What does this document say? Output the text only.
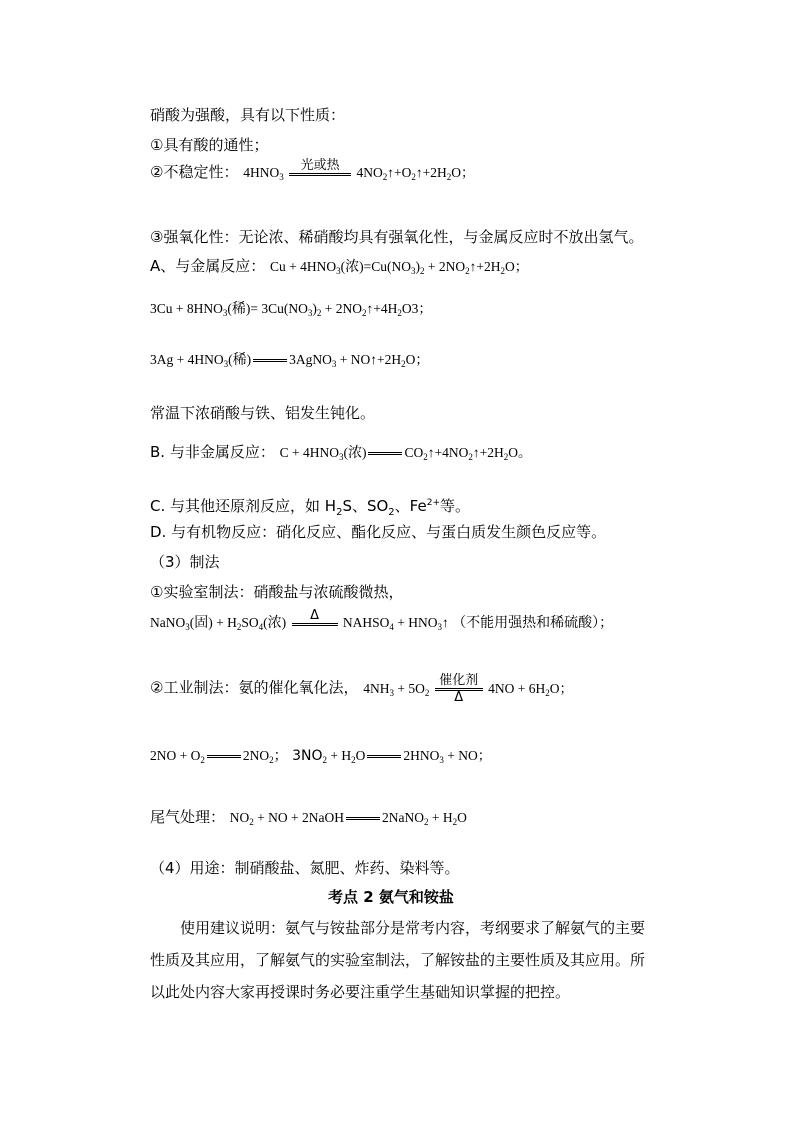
硝酸为强酸，具有以下性质：
①具有酸的通性；
②不稳定性： $4HNO_3$
光或热	$4NO_2↑+O_2↑+2H_2O$；
③强氧化性：无论浓、稀硝酸均具有强氧化性，与金属反应时不放出氢气。
A、与金属反应： $Cu + 4HNO_3$(浓)$=Cu(NO_3)_2$ + $2NO_2↑+2H_2O$；
$3Cu + 8HNO_3$(稀)= $3Cu(NO_3)_2$ + $2NO_2↑+4H_2O3$；
$3Ag + 4HNO_3$(稀)	3AgNO$_3$ + $NO↑+2H_2O$；
常温下浓硝酸与铁、铝发生钝化。
B. 与非金属反应： $C + 4HNO_3$(浓)	$CO_2↑+4NO_2↑+2H_2O$。
C. 与其他还原剂反应，如 $H_2S$、$SO_2$、$Fe^{2+}$等。
D. 与有机物反应：硝化反应、酯化反应、与蛋白质发生颜色反应等。
（3）制法
①实验室制法：硝酸盐与浓硫酸微热，
NaNO$_3$(固) + $H_2SO_4$(浓)	Δ	$NAHSO_4$ + $HNO_3↑$ （不能用强热和稀硫酸）；
②工业制法：氨的催化氧化法， $4NH_3 + 5O_2$
催化剂
Δ
$4NO + 6H_2O$；
$2NO + O_2$	$2NO_2$； $3NO_2 + H_2O$	$2HNO_3$ + NO；
尾气处理： $NO_2$ + NO + 2NaOH	2NaNO$_2$ + $H_2O$
（4）用途：制硝酸盐、氮肥、炸药、染料等。
考点 2 氨气和铵盐
使用建议说明：氨气与铵盐部分是常考内容，考纲要求了解氨气的主要性质及其应用，了解氨气的实验室制法，了解铵盐的主要性质及其应用。所以此处内容大家再授课时务必要注重学生基础知识掌握的把控。
